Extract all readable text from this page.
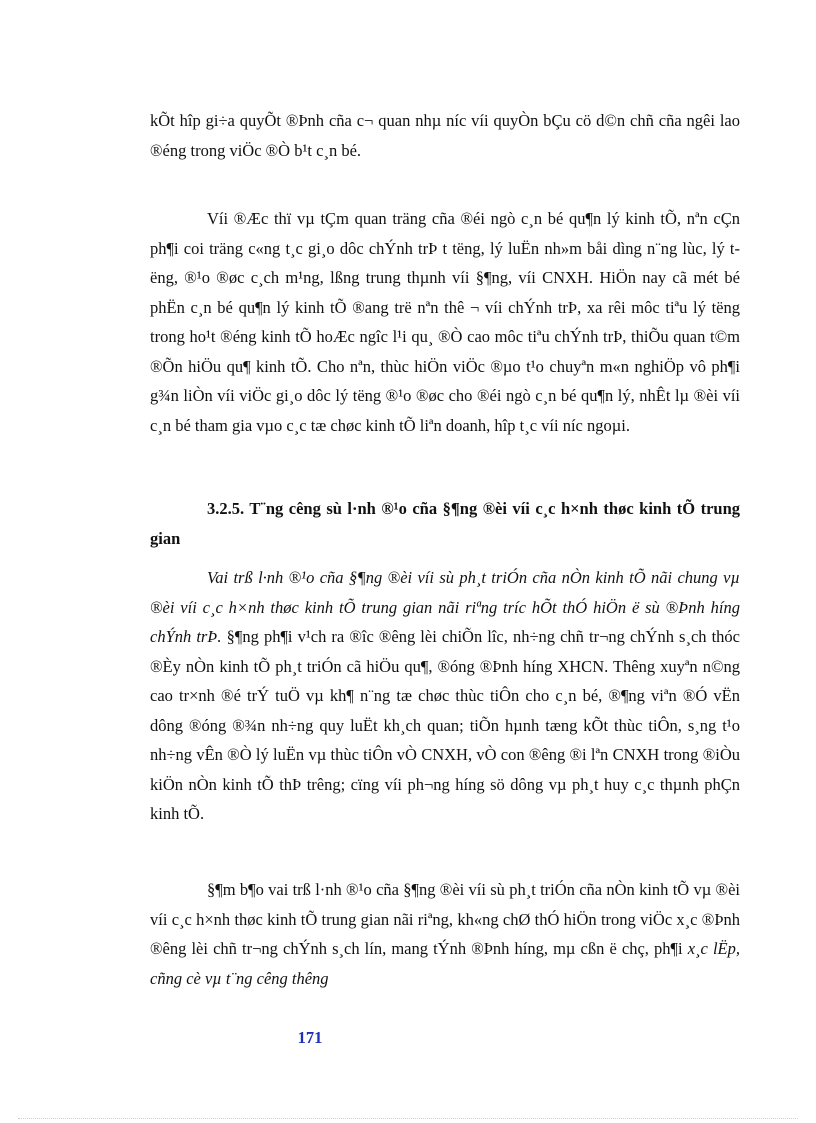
kÕt hîp gi÷a quyÕt ®Þnh cña c¬ quan nhµ níc víi quyÒn bÇu cö d©n chñ cña ngêi lao ®éng trong viÖc ®Ò b¹t c¸n bé.

Víi ®Æc thï vµ tÇm quan träng cña ®éi ngò c¸n bé qu¶n lý kinh tÕ, nªn cÇn ph¶i coi träng c«ng t¸c gi¸o dôc chÝnh trÞ t tëng, lý luËn nh»m båi dìng n¨ng lùc, lý tëng, ®¹o ®øc c¸ch m¹ng, lßng trung thµnh víi §¶ng, víi CNXH. HiÖn nay cã mét bé phËn c¸n bé qu¶n lý kinh tÕ ®ang trë nªn thê ¬ víi chÝnh trÞ, xa rêi môc tiªu lý tëng trong ho¹t ®éng kinh tÕ hoÆc ngîc l¹i qu¸ ®Ò cao môc tiªu chÝnh trÞ, thiÕu quan t©m ®Õn hiÖu qu¶ kinh tÕ. Cho nªn, thùc hiÖn viÖc ®µo t¹o chuyªn m«n nghiÖp vô ph¶i g¾n liÒn víi viÖc gi¸o dôc lý tëng ®¹o ®øc cho ®éi ngò c¸n bé qu¶n lý, nhÊt lµ ®èi víi c¸n bé tham gia vµo c¸c tæ chøc kinh tÕ liªn doanh, hîp t¸c víi níc ngoµi.

3.2.5. T¨ng cêng sù l·nh ®¹o cña §¶ng ®èi víi c¸c h×nh thøc kinh tÕ trung gian

Vai trß l·nh ®¹o cña §¶ng ®èi víi sù ph¸t triÓn cña nÒn kinh tÕ nãi chung vµ ®èi víi c¸c h×nh thøc kinh tÕ trung gian nãi riªng tríc hÕt thÓ hiÖn ë sù ®Þnh híng chÝnh trÞ. §¶ng ph¶i v¹ch ra ®îc ®êng lèi chiÕn lîc, nh÷ng chñ tr¬ng chÝnh s¸ch thóc ®Èy nÒn kinh tÕ ph¸t triÓn cã hiÖu qu¶, ®óng ®Þnh híng XHCN. Thêng xuyªn n©ng cao tr×nh ®é trÝ tuÖ vµ kh¶ n¨ng tæ chøc thùc tiÔn cho c¸n bé, ®¶ng viªn ®Ó vËn dông ®óng ®¾n nh÷ng quy luËt kh¸ch quan; tiÕn hµnh tæng kÕt thùc tiÔn, s¸ng t¹o nh÷ng vÊn ®Ò lý luËn vµ thùc tiÔn vÒ CNXH, vÒ con ®êng ®i lªn CNXH trong ®iÒu kiÖn nÒn kinh tÕ thÞ trêng; cïng víi ph¬ng híng sö dông vµ ph¸t huy c¸c thµnh phÇn kinh tÕ.

§¶m b¶o vai trß l·nh ®¹o cña §¶ng ®èi víi sù ph¸t triÓn cña nÒn kinh tÕ vµ ®èi víi c¸c h×nh thøc kinh tÕ trung gian nãi riªng, kh«ng chØ thÓ hiÖn trong viÖc x¸c ®Þnh ®êng lèi chñ tr¬ng chÝnh s¸ch lín, mang tÝnh ®Þnh híng, mµ cßn ë chç, ph¶i x¸c lËp, cñng cè vµ t¨ng cêng thêng

171
